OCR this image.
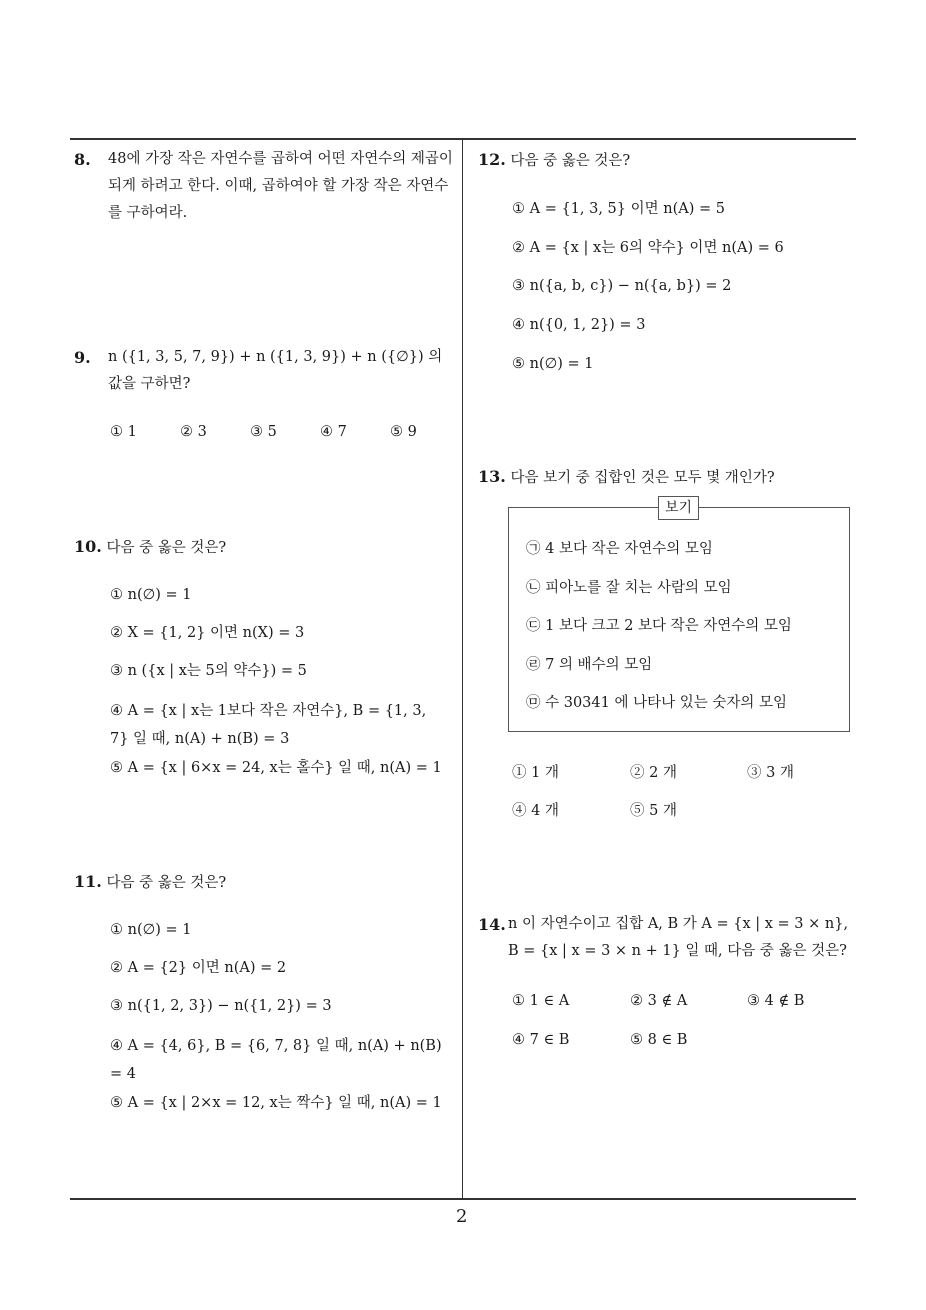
8. 48에 가장 작은 자연수를 곱하여 어떤 자연수의 제곱이 되게 하려고 한다. 이때, 곱하여야 할 가장 작은 자연수를 구하여라.
9. n ({1, 3, 5, 7, 9}) + n ({1, 3, 9}) + n ({∅}) 의 값을 구하면?
① 1	② 3	③ 5	④ 7	⑤ 9
10. 다음 중 옳은 것은?
① n(∅) = 1
② X = {1, 2} 이면 n(X) = 3
③ n ({x | x는 5의 약수}) = 5
④ A = {x | x는 1보다 작은 자연수}, B = {1, 3, 7} 일 때, n(A) + n(B) = 3
⑤ A = {x | 6×x = 24, x는 홀수} 일 때, n(A) = 1
11. 다음 중 옳은 것은?
① n(∅) = 1
② A = {2} 이면 n(A) = 2
③ n({1, 2, 3}) − n({1, 2}) = 3
④ A = {4, 6}, B = {6, 7, 8} 일 때, n(A) + n(B) = 4
⑤ A = {x | 2×x = 12, x는 짝수} 일 때, n(A) = 1
12. 다음 중 옳은 것은?
① A = {1, 3, 5} 이면 n(A) = 5
② A = {x | x는 6의 약수} 이면 n(A) = 6
③ n({a, b, c}) − n({a, b}) = 2
④ n({0, 1, 2}) = 3
⑤ n(∅) = 1
13. 다음 보기 중 집합인 것은 모두 몇 개인가?
보기
㉠ 4 보다 작은 자연수의 모임
㉡ 피아노를 잘 치는 사람의 모임
㉢ 1 보다 크고 2 보다 작은 자연수의 모임
㉣ 7 의 배수의 모임
㉤ 수 30341 에 나타나 있는 숫자의 모임
① 1 개	② 2 개	③ 3 개
④ 4 개	⑤ 5 개
14. n 이 자연수이고 집합 A, B 가 A = {x | x = 3 × n}, B = {x | x = 3 × n + 1} 일 때, 다음 중 옳은 것은?
① 1 ∈ A	② 3 ∉ A	③ 4 ∉ B
④ 7 ∈ B	⑤ 8 ∈ B
2
